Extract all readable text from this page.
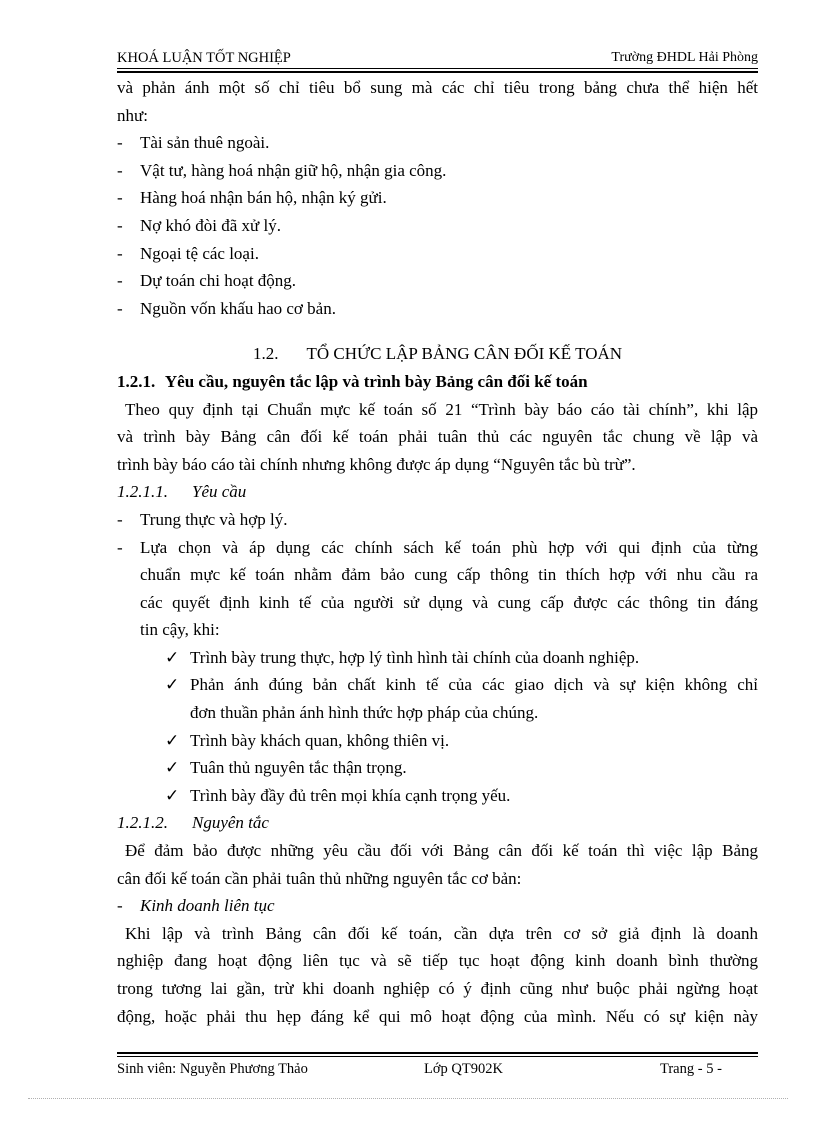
KHOÁ LUẬN TỐT NGHIỆP	Trường ĐHDL Hải Phòng
và phản ánh một số chỉ tiêu bổ sung mà các chỉ tiêu trong bảng chưa thể hiện hết
như:
- Tài sản thuê ngoài.
- Vật tư, hàng hoá nhận giữ hộ, nhận gia công.
- Hàng hoá nhận bán hộ, nhận ký gửi.
- Nợ khó đòi đã xử lý.
- Ngoại tệ các loại.
- Dự toán chi hoạt động.
- Nguồn vốn khấu hao cơ bản.
1.2. TỔ CHỨC LẬP BẢNG CÂN ĐỐI KẾ TOÁN
1.2.1. Yêu cầu, nguyên tắc lập và trình bày Bảng cân đối kế toán
Theo quy định tại Chuẩn mực kế toán số 21 “Trình bày báo cáo tài chính”, khi lập
và trình bày Bảng cân đối kế toán phải tuân thủ các nguyên tắc chung về lập và
trình bày báo cáo tài chính nhưng không được áp dụng “Nguyên tắc bù trừ”.
1.2.1.1. Yêu cầu
- Trung thực và hợp lý.
- Lựa chọn và áp dụng các chính sách kế toán phù hợp với qui định của từng
chuẩn mực kế toán nhằm đảm bảo cung cấp thông tin thích hợp với nhu cầu ra
các quyết định kinh tế của người sử dụng và cung cấp được các thông tin đáng
tin cậy, khi:
✓ Trình bày trung thực, hợp lý tình hình tài chính của doanh nghiệp.
✓ Phản ánh đúng bản chất kinh tế của các giao dịch và sự kiện không chỉ
đơn thuần phản ánh hình thức hợp pháp của chúng.
✓ Trình bày khách quan, không thiên vị.
✓ Tuân thủ nguyên tắc thận trọng.
✓ Trình bày đầy đủ trên mọi khía cạnh trọng yếu.
1.2.1.2. Nguyên tắc
Để đảm bảo được những yêu cầu đối với Bảng cân đối kế toán thì việc lập Bảng
cân đối kế toán cần phải tuân thủ những nguyên tắc cơ bản:
- Kinh doanh liên tục
Khi lập và trình Bảng cân đối kế toán, cần dựa trên cơ sở giả định là doanh
nghiệp đang hoạt động liên tục và sẽ tiếp tục hoạt động kinh doanh bình thường
trong tương lai gần, trừ khi doanh nghiệp có ý định cũng như buộc phải ngừng hoạt
động, hoặc phải thu hẹp đáng kể qui mô hoạt động của mình. Nếu có sự kiện này
Sinh viên: Nguyễn Phương Thảo	Lớp QT902K	Trang - 5 -
